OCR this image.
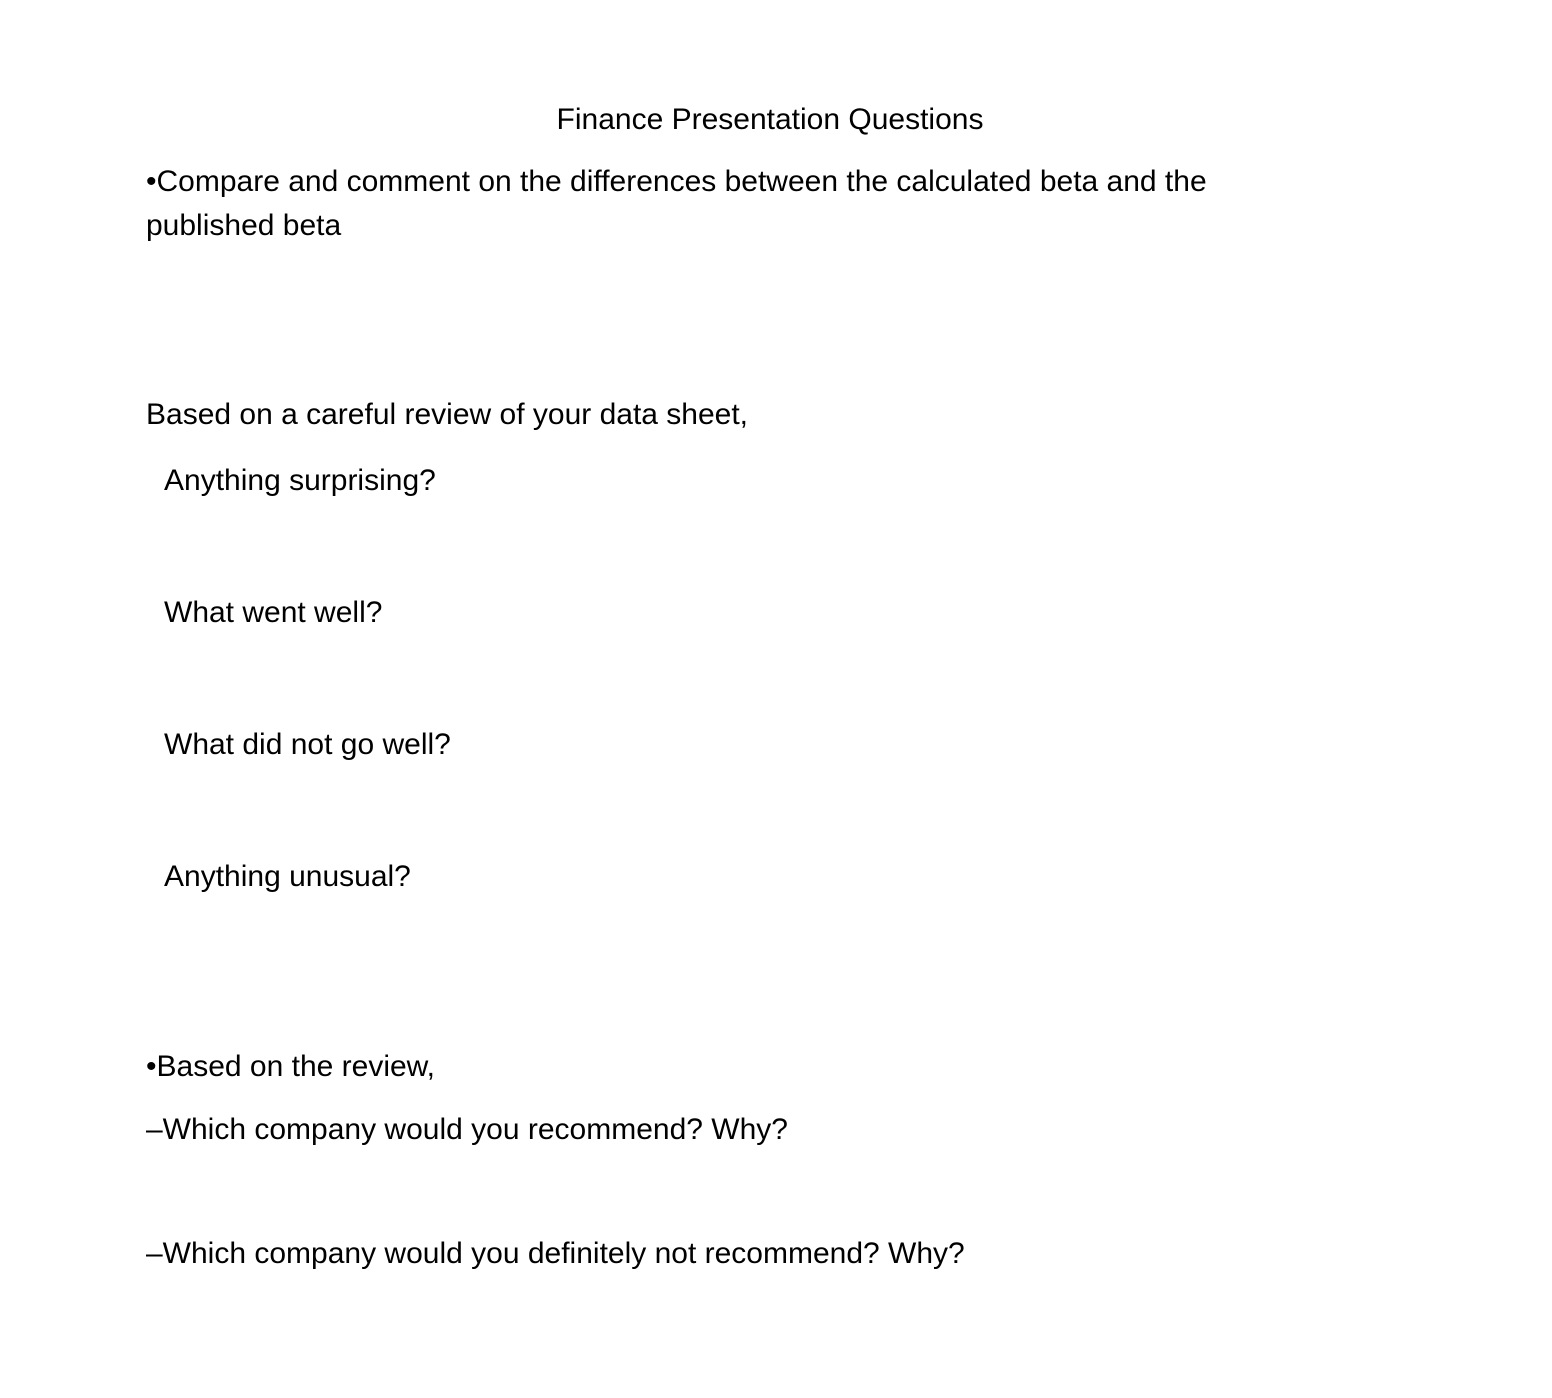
Finance Presentation Questions
•Compare and comment on the differences between the calculated beta and the published beta
Based on a careful review of your data sheet,
Anything surprising?
What went well?
What did not go well?
Anything unusual?
•Based on the review,
–Which company would you recommend? Why?
–Which company would you definitely not recommend? Why?
